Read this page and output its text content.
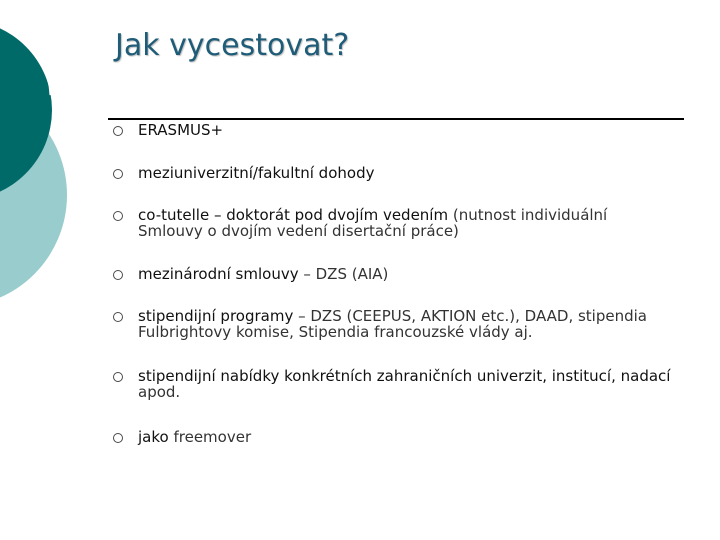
Jak vycestovat?
ERASMUS+
meziuniverzitní/fakultní dohody
co-tutelle – doktorát pod dvojím vedením (nutnost individuální Smlouvy o dvojím vedení disertační práce)
mezinárodní smlouvy – DZS (AIA)
stipendijní programy – DZS (CEEPUS, AKTION etc.), DAAD, stipendia Fulbrightovy komise, Stipendia francouzské vlády aj.
stipendijní nabídky konkrétních zahraničních univerzit, institucí, nadací apod.
jako freemover
